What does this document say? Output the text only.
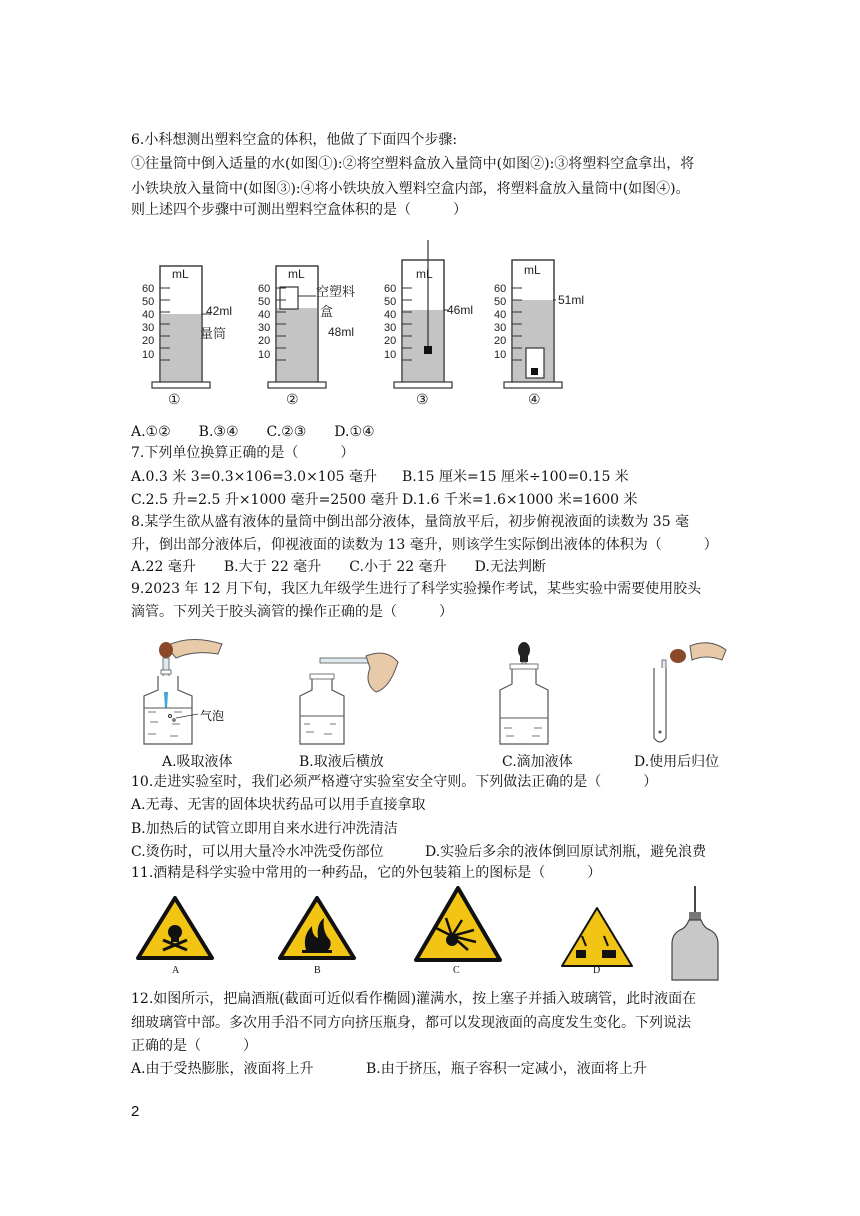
6.小科想测出塑料空盒的体积，他做了下面四个步骤:
①往量筒中倒入适量的水(如图①):②将空塑料盒放入量筒中(如图②):③将塑料空盒拿出，将
小铁块放入量筒中(如图③):④将小铁块放入塑料空盒内部，将塑料盒放入量筒中(如图④)。
则上述四个步骤中可测出塑料空盒体积的是（　　　）
mL
60
50
40
30
20
10
42ml
量筒
①
mL
60
50
40
30
20
10
空塑料
盒
48ml
②
mL
60
50
40
30
20
10
46ml
③
mL
60
50
40
30
20
10
51ml
④
A.①②　　B.③④　　C.②③　　D.①④
7.下列单位换算正确的是（　　　）
A.0.3 米 3=0.3×106=3.0×105 毫升 B.15 厘米=15 厘米÷100=0.15 米
C.2.5 升=2.5 升×1000 毫升=2500 毫升 D.1.6 千米=1.6×1000 米=1600 米
8.某学生欲从盛有液体的量筒中倒出部分液体，量筒放平后，初步俯视液面的读数为 35 毫
升，倒出部分液体后，仰视液面的读数为 13 毫升，则该学生实际倒出液体的体积为（　　　）
A.22 毫升　　B.大于 22 毫升　　C.小于 22 毫升　　D.无法判断
9.2023 年 12 月下旬，我区九年级学生进行了科学实验操作考试，某些实验中需要使用胶头
滴管。下列关于胶头滴管的操作正确的是（　　　）
气泡
A.吸取液体	B.取液后横放	C.滴加液体	D.使用后归位
10.走进实验室时，我们必须严格遵守实验室安全守则。下列做法正确的是（　　　）
A.无毒、无害的固体块状药品可以用手直接拿取
B.加热后的试管立即用自来水进行冲洗清洁
C.烫伤时，可以用大量冷水冲洗受伤部位	D.实验后多余的液体倒回原试剂瓶，避免浪费
11.酒精是科学实验中常用的一种药品，它的外包装箱上的图标是（　　　）
A	B	C	D
12.如图所示，把扁酒瓶(截面可近似看作椭圆)灌满水，按上塞子并插入玻璃管，此时液面在
细玻璃管中部。多次用手沿不同方向挤压瓶身，都可以发现液面的高度发生变化。下列说法
正确的是（　　　）
A.由于受热膨胀，液面将上升	B.由于挤压，瓶子容积一定减小，液面将上升
2
